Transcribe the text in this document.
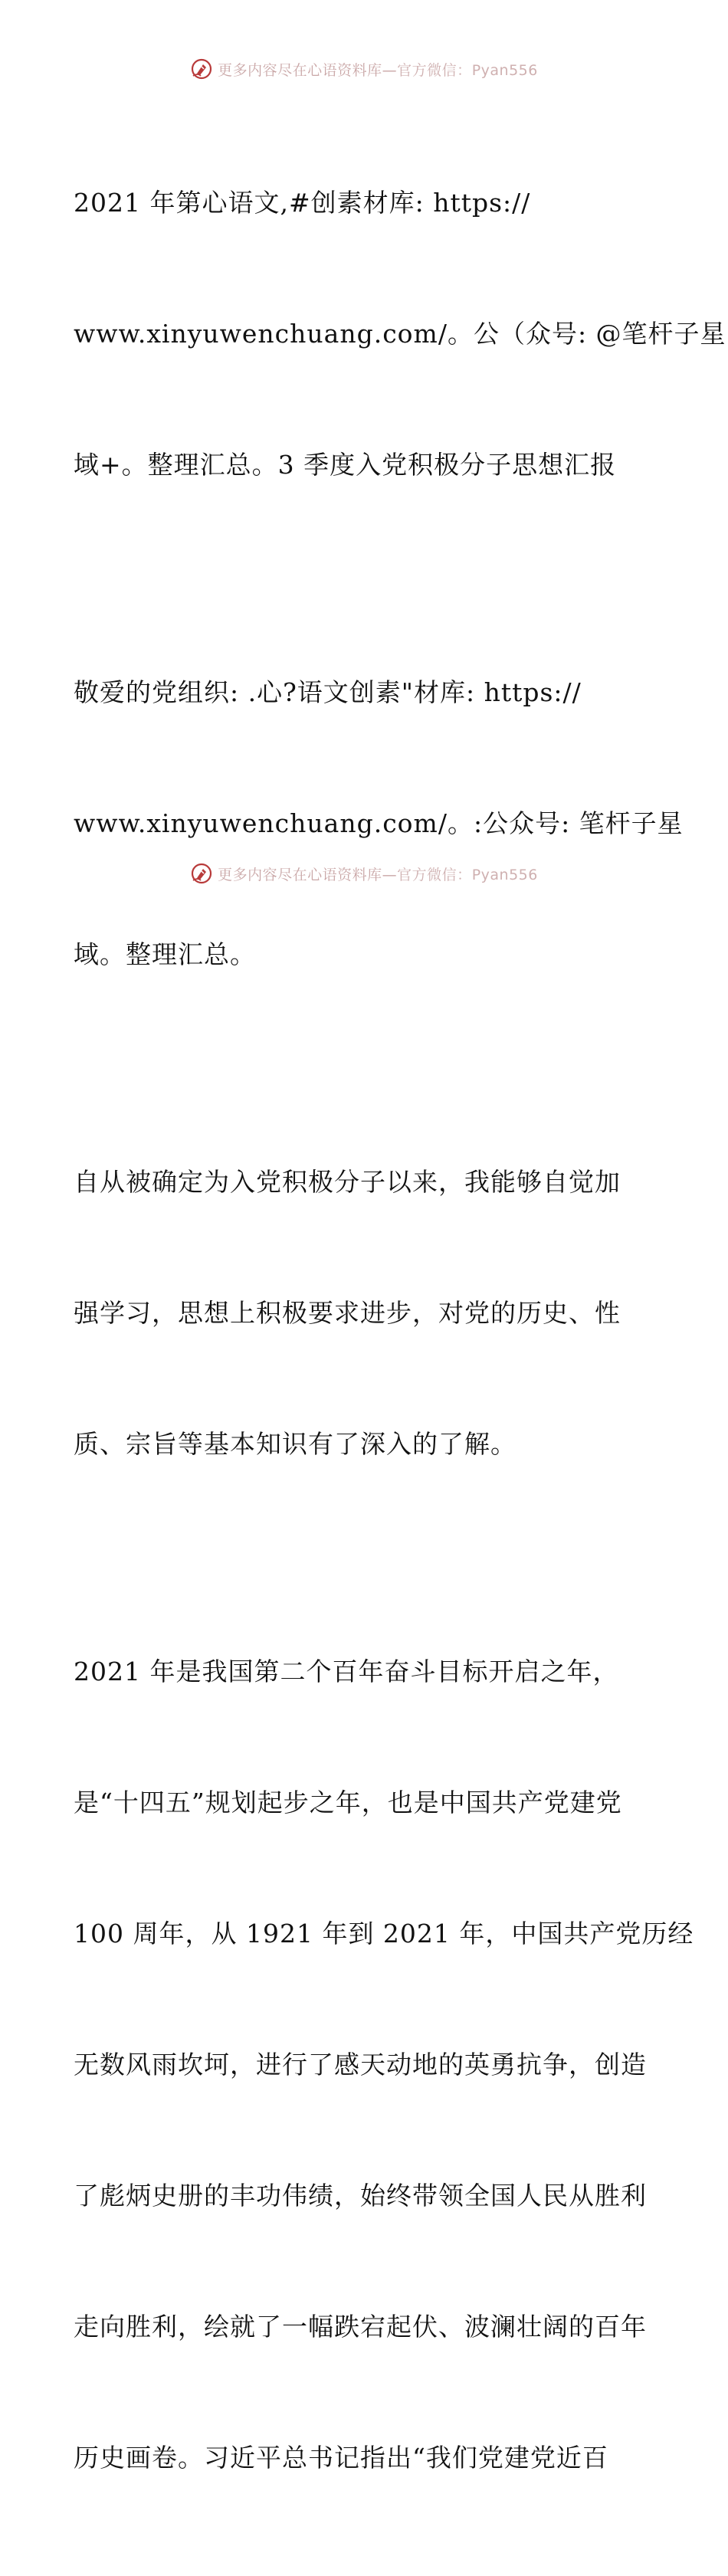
更多内容尽在心语资料库—官方微信：Pyan556

2021 年第心语文,#创素材库: https://

www.xinyuwenchuang.com/。公（众号: @笔杆子星

域+。整理汇总。3 季度入党积极分子思想汇报

敬爱的党组织: .心?语文创素"材库: https://

www.xinyuwenchuang.com/。:公众号: 笔杆子星

域。整理汇总。

自从被确定为入党积极分子以来，我能够自觉加

强学习，思想上积极要求进步，对党的历史、性

质、宗旨等基本知识有了深入的了解。

2021 年是我国第二个百年奋斗目标开启之年，

是“十四五”规划起步之年，也是中国共产党建党

100 周年，从 1921 年到 2021 年，中国共产党历经

无数风雨坎坷，进行了感天动地的英勇抗争，创造

了彪炳史册的丰功伟绩，始终带领全国人民从胜利

走向胜利，绘就了一幅跌宕起伏、波澜壮阔的百年

历史画卷。习近平总书记指出“我们党建党近百

更多内容尽在心语资料库—官方微信：Pyan556
